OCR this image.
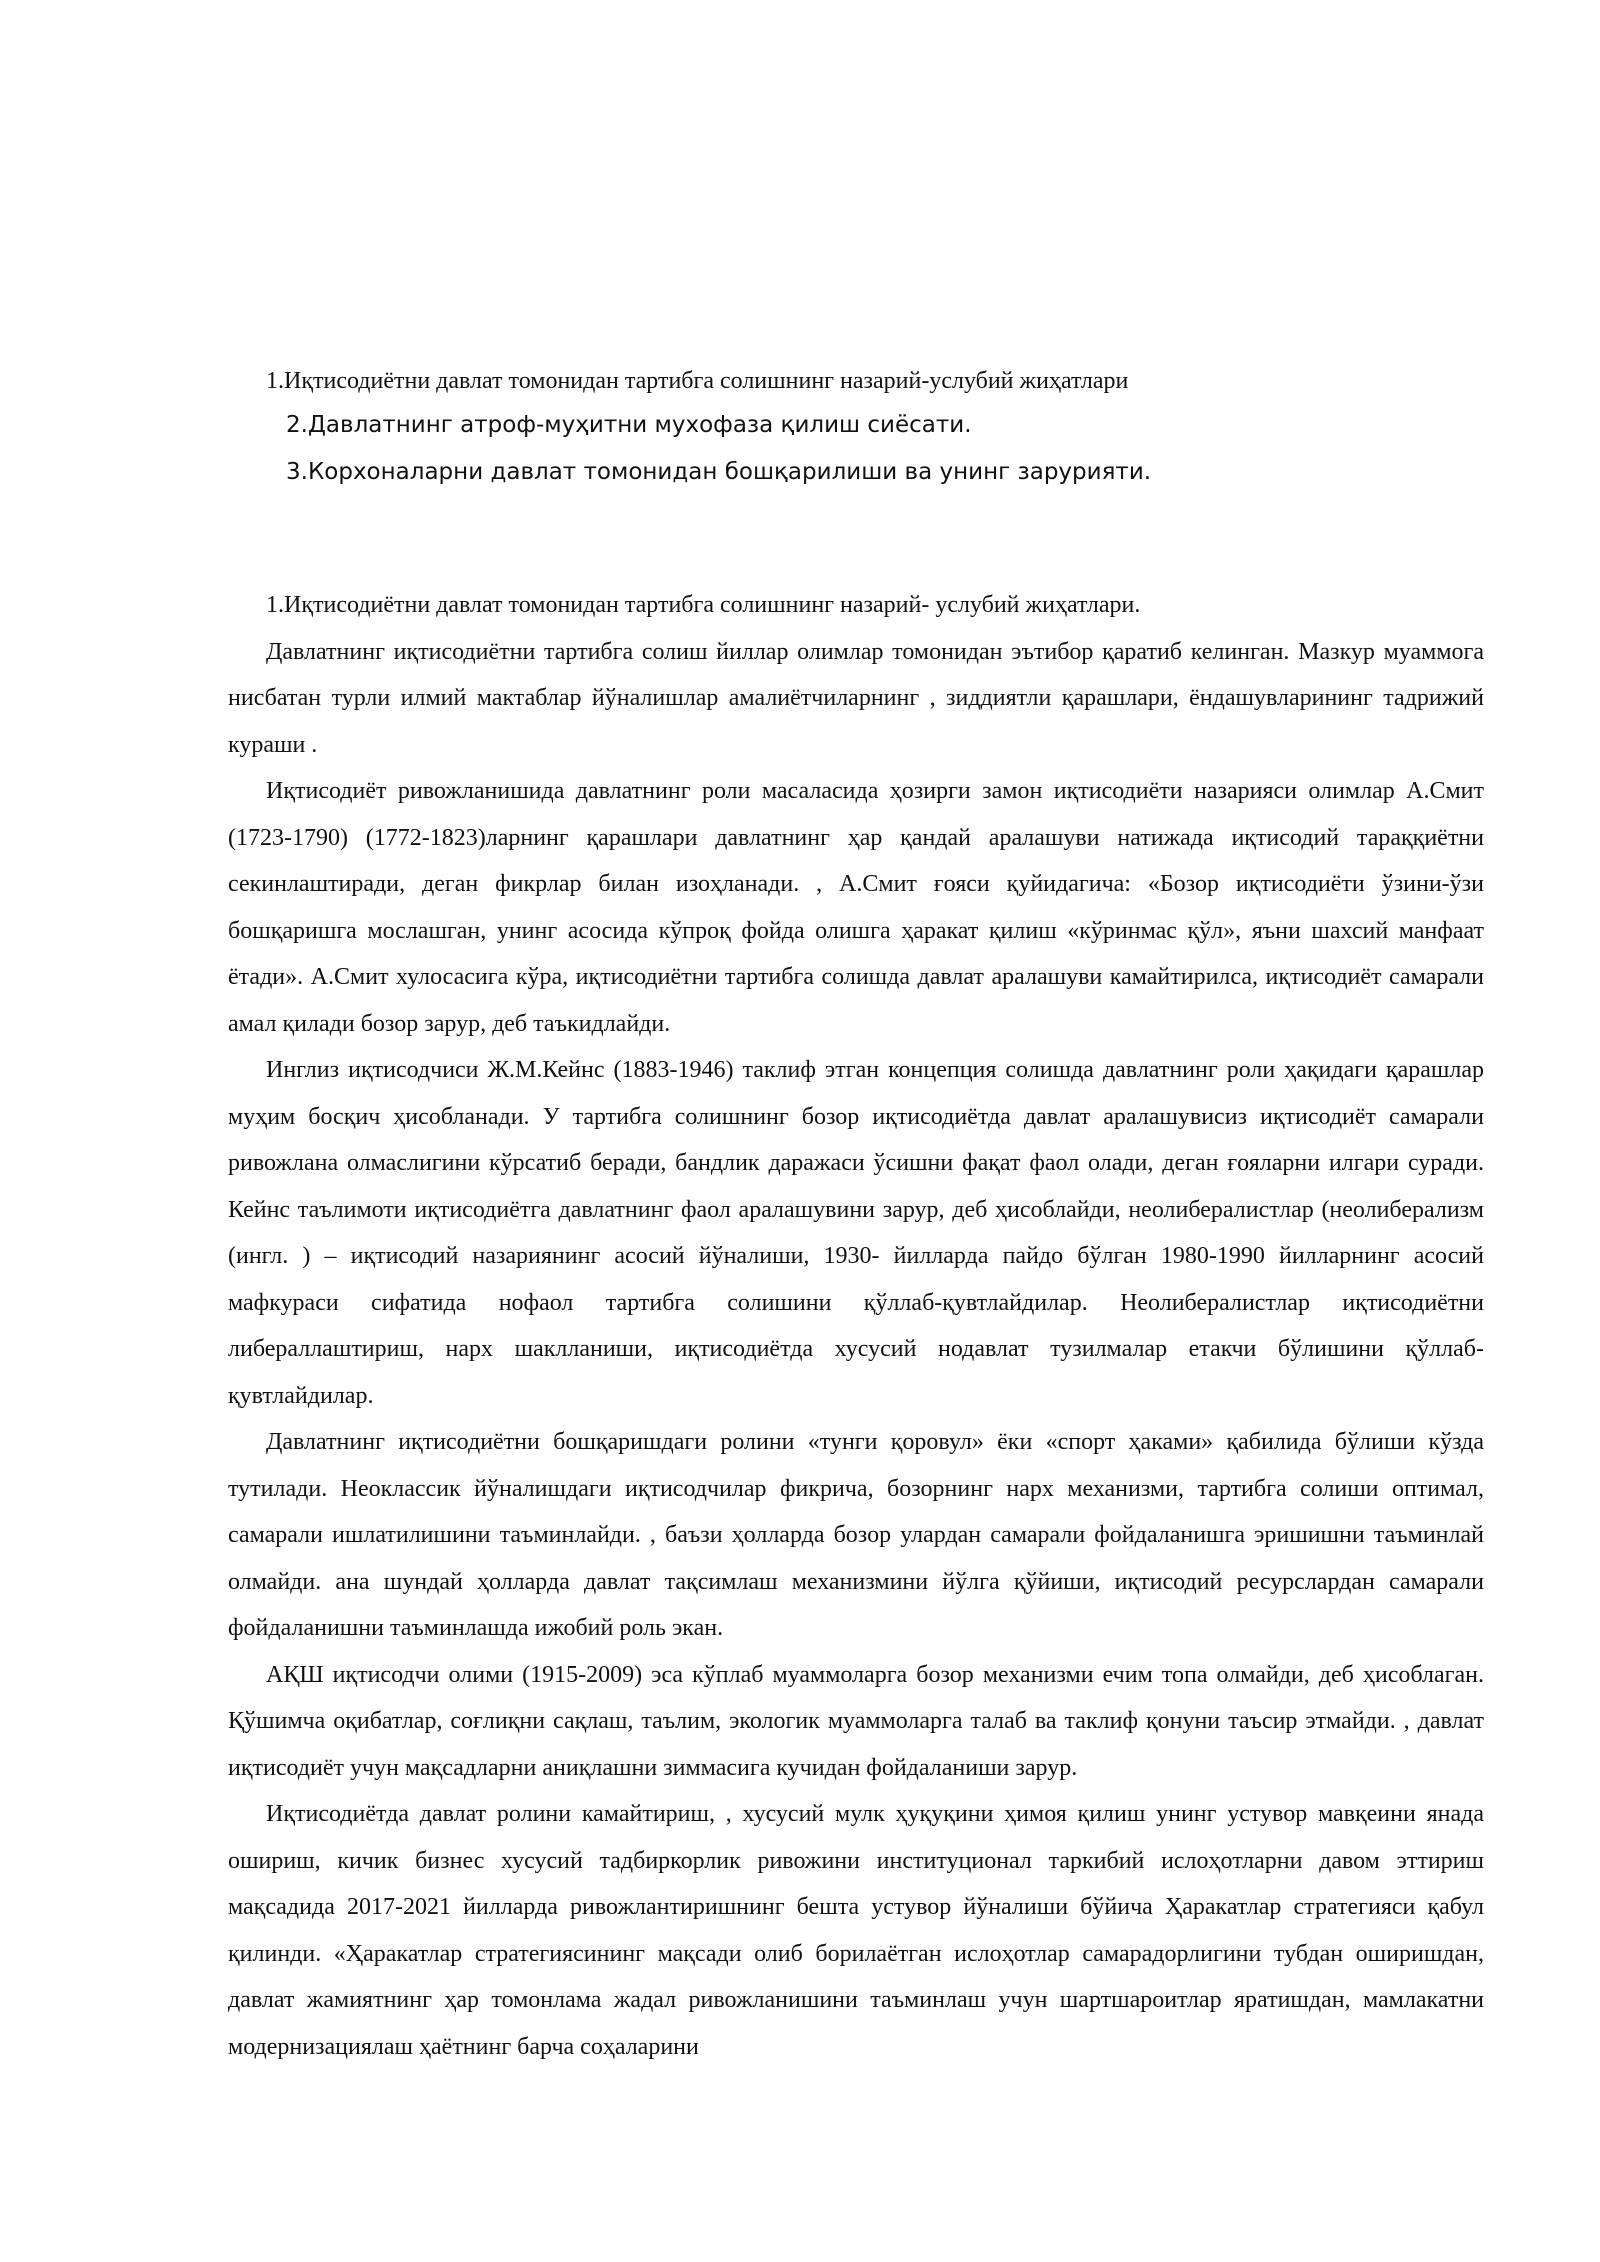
1.Иқтисодиётни давлат томонидан тартибга солишнинг назарий-услубий жиҳатлари

2.Давлатнинг атроф-муҳитни мухофаза қилиш сиёсати.

3.Корхоналарни давлат томонидан бошқарилиши ва унинг зарурияти.

1.Иқтисодиётни давлат томонидан тартибга солишнинг назарий- услубий жиҳатлари.

Давлатнинг иқтисодиётни тартибга солиш йиллар олимлар томонидан эътибор қаратиб келинган. Мазкур муаммога нисбатан турли илмий мактаблар йўналишлар амалиётчиларнинг , зиддиятли қарашлари, ёндашувларининг тадрижий кураши .

Иқтисодиёт ривожланишида давлатнинг роли масаласида ҳозирги замон иқтисодиёти назарияси олимлар А.Смит (1723-1790) (1772-1823)ларнинг қарашлари давлатнинг ҳар қандай аралашуви натижада иқтисодий тараққиётни секинлаштиради, деган фикрлар билан изоҳланади. , А.Смит ғояси қуйидагича: «Бозор иқтисодиёти ўзини-ўзи бошқаришга мослашган, унинг асосида кўпроқ фойда олишга ҳаракат қилиш «кўринмас қўл», яъни шахсий манфаат ётади». А.Смит хулосасига кўра, иқтисодиётни тартибга солишда давлат аралашуви камайтирилса, иқтисодиёт самарали амал қилади бозор зарур, деб таъкидлайди.

Инглиз иқтисодчиси Ж.М.Кейнс (1883-1946) таклиф этган концепция солишда давлатнинг роли ҳақидаги қарашлар муҳим босқич ҳисобланади. У тартибга солишнинг бозор иқтисодиётда давлат аралашувисиз иқтисодиёт самарали ривожлана олмаслигини кўрсатиб беради, бандлик даражаси ўсишни фақат фаол олади, деган ғояларни илгари суради. Кейнс таълимоти иқтисодиётга давлатнинг фаол аралашувини зарур, деб ҳисоблайди, неолибералистлар (неолиберализм (ингл. ) – иқтисодий назариянинг асосий йўналиши, 1930- йилларда пайдо бўлган 1980-1990 йилларнинг асосий мафкураси сифатида нофаол тартибга солишини қўллаб-қувтлайдилар. Неолибералистлар иқтисодиётни либераллаштириш, нарх шаклланиши, иқтисодиётда хусусий нодавлат тузилмалар етакчи бўлишини қўллаб-қувтлайдилар.

Давлатнинг иқтисодиётни бошқаришдаги ролини «тунги қоровул» ёки «спорт ҳаками» қабилида бўлиши кўзда тутилади. Неоклассик йўналишдаги иқтисодчилар фикрича, бозорнинг нарх механизми, тартибга солиши оптимал, самарали ишлатилишини таъминлайди. , баъзи ҳолларда бозор улардан самарали фойдаланишга эришишни таъминлай олмайди. ана шундай ҳолларда давлат тақсимлаш механизмини йўлга қўйиши, иқтисодий ресурслардан самарали фойдаланишни таъминлашда ижобий роль экан.

АҚШ иқтисодчи олими (1915-2009) эса кўплаб муаммоларга бозор механизми ечим топа олмайди, деб ҳисоблаган. Қўшимча оқибатлар, соғлиқни сақлаш, таълим, экологик муаммоларга талаб ва таклиф қонуни таъсир этмайди. , давлат иқтисодиёт учун мақсадларни аниқлашни зиммасига кучидан фойдаланиши зарур.

Иқтисодиётда давлат ролини камайтириш, , хусусий мулк ҳуқуқини ҳимоя қилиш унинг устувор мавқеини янада ошириш, кичик бизнес хусусий тадбиркорлик ривожини институционал таркибий ислоҳотларни давом эттириш мақсадида 2017-2021 йилларда ривожлантиришнинг бешта устувор йўналиши бўйича Ҳаракатлар стратегияси қабул қилинди. «Ҳаракатлар стратегиясининг мақсади олиб борилаётган ислоҳотлар самарадорлигини тубдан оширишдан, давлат жамиятнинг ҳар томонлама жадал ривожланишини таъминлаш учун шартшароитлар яратишдан, мамлакатни модернизациялаш ҳаётнинг барча соҳаларини
